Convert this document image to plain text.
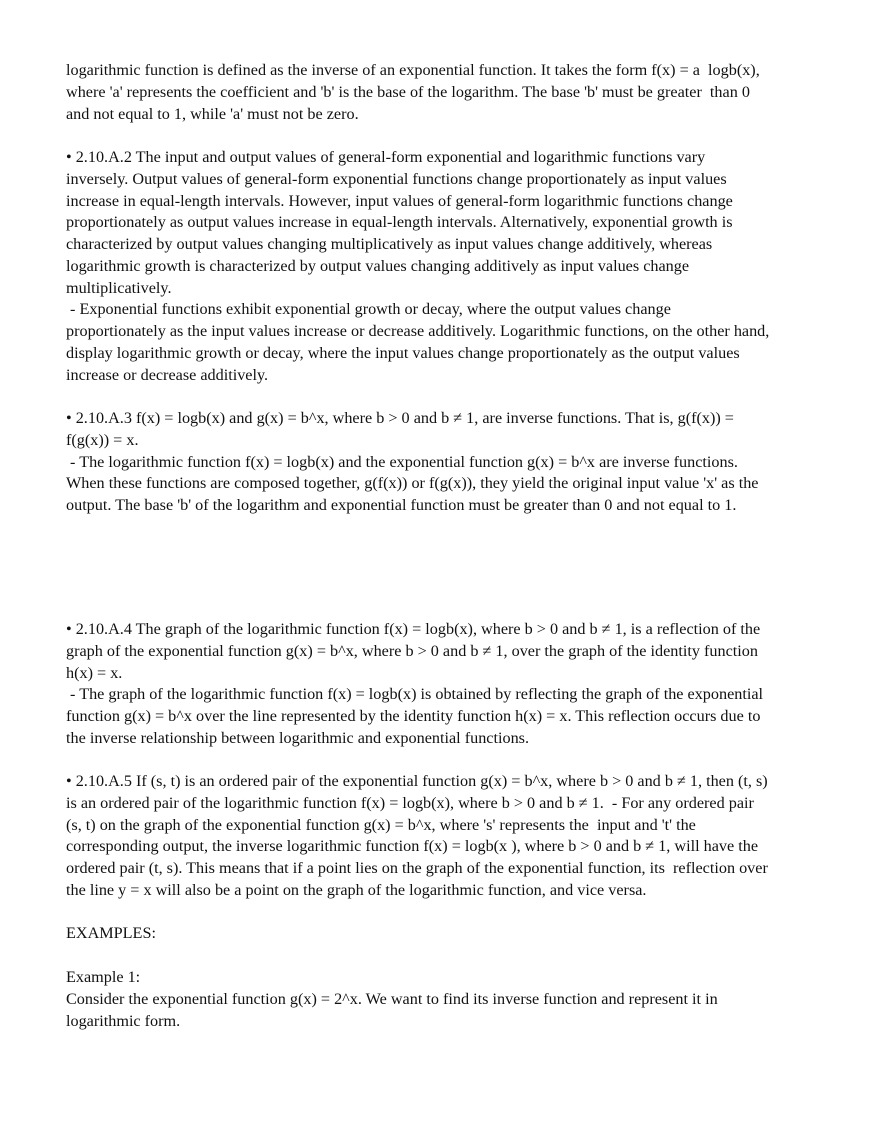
logarithmic function is defined as the inverse of an exponential function. It takes the form f(x) = a  logb(x),
where 'a' represents the coefficient and 'b' is the base of the logarithm. The base 'b' must be greater  than 0
and not equal to 1, while 'a' must not be zero.
• 2.10.A.2 The input and output values of general-form exponential and logarithmic functions vary
inversely. Output values of general-form exponential functions change proportionately as input values
increase in equal-length intervals. However, input values of general-form logarithmic functions change
proportionately as output values increase in equal-length intervals. Alternatively, exponential growth is
characterized by output values changing multiplicatively as input values change additively, whereas
logarithmic growth is characterized by output values changing additively as input values change
multiplicatively.
- Exponential functions exhibit exponential growth or decay, where the output values change
proportionately as the input values increase or decrease additively. Logarithmic functions, on the other hand,
display logarithmic growth or decay, where the input values change proportionately as the output values
increase or decrease additively.
• 2.10.A.3 f(x) = logb(x) and g(x) = b^x, where b > 0 and b ≠ 1, are inverse functions. That is, g(f(x)) =
f(g(x)) = x.
- The logarithmic function f(x) = logb(x) and the exponential function g(x) = b^x are inverse functions.
When these functions are composed together, g(f(x)) or f(g(x)), they yield the original input value 'x' as the
output. The base 'b' of the logarithm and exponential function must be greater than 0 and not equal to 1.
• 2.10.A.4 The graph of the logarithmic function f(x) = logb(x), where b > 0 and b ≠ 1, is a reflection of the
graph of the exponential function g(x) = b^x, where b > 0 and b ≠ 1, over the graph of the identity function
h(x) = x.
- The graph of the logarithmic function f(x) = logb(x) is obtained by reflecting the graph of the exponential
function g(x) = b^x over the line represented by the identity function h(x) = x. This reflection occurs due to
the inverse relationship between logarithmic and exponential functions.
• 2.10.A.5 If (s, t) is an ordered pair of the exponential function g(x) = b^x, where b > 0 and b ≠ 1, then (t, s)
is an ordered pair of the logarithmic function f(x) = logb(x), where b > 0 and b ≠ 1.  - For any ordered pair
(s, t) on the graph of the exponential function g(x) = b^x, where 's' represents the  input and 't' the
corresponding output, the inverse logarithmic function f(x) = logb(x ), where b > 0 and b ≠ 1, will have the
ordered pair (t, s). This means that if a point lies on the graph of the exponential function, its  reflection over
the line y = x will also be a point on the graph of the logarithmic function, and vice versa.
EXAMPLES:
Example 1:
Consider the exponential function g(x) = 2^x. We want to find its inverse function and represent it in
logarithmic form.
